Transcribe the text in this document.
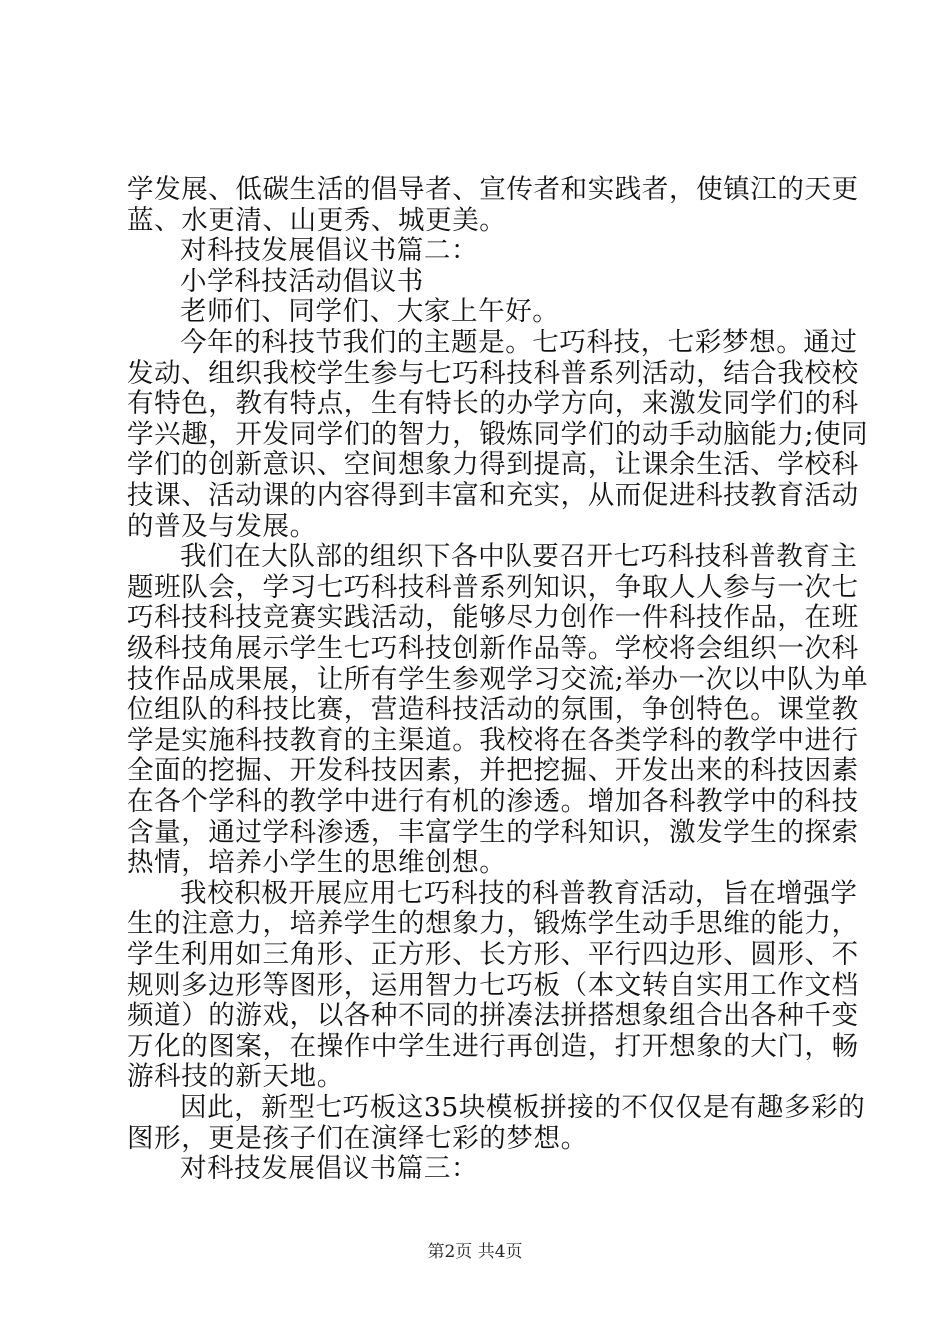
学发展、低碳生活的倡导者、宣传者和实践者，使镇江的天更
蓝、水更清、山更秀、城更美。
对科技发展倡议书篇二：
小学科技活动倡议书
老师们、同学们、大家上午好。
今年的科技节我们的主题是。七巧科技，七彩梦想。通过
发动、组织我校学生参与七巧科技科普系列活动，结合我校校
有特色，教有特点，生有特长的办学方向，来激发同学们的科
学兴趣，开发同学们的智力，锻炼同学们的动手动脑能力;使同
学们的创新意识、空间想象力得到提高，让课余生活、学校科
技课、活动课的内容得到丰富和充实，从而促进科技教育活动
的普及与发展。
我们在大队部的组织下各中队要召开七巧科技科普教育主
题班队会，学习七巧科技科普系列知识，争取人人参与一次七
巧科技科技竞赛实践活动，能够尽力创作一件科技作品，在班
级科技角展示学生七巧科技创新作品等。学校将会组织一次科
技作品成果展，让所有学生参观学习交流;举办一次以中队为单
位组队的科技比赛，营造科技活动的氛围，争创特色。课堂教
学是实施科技教育的主渠道。我校将在各类学科的教学中进行
全面的挖掘、开发科技因素，并把挖掘、开发出来的科技因素
在各个学科的教学中进行有机的渗透。增加各科教学中的科技
含量，通过学科渗透，丰富学生的学科知识，激发学生的探索
热情，培养小学生的思维创想。
我校积极开展应用七巧科技的科普教育活动，旨在增强学
生的注意力，培养学生的想象力，锻炼学生动手思维的能力，
学生利用如三角形、正方形、长方形、平行四边形、圆形、不
规则多边形等图形，运用智力七巧板（本文转自实用工作文档
频道）的游戏，以各种不同的拼凑法拼搭想象组合出各种千变
万化的图案，在操作中学生进行再创造，打开想象的大门，畅
游科技的新天地。
因此，新型七巧板这35块模板拼接的不仅仅是有趣多彩的
图形，更是孩子们在演绎七彩的梦想。
对科技发展倡议书篇三：
第2页 共4页
